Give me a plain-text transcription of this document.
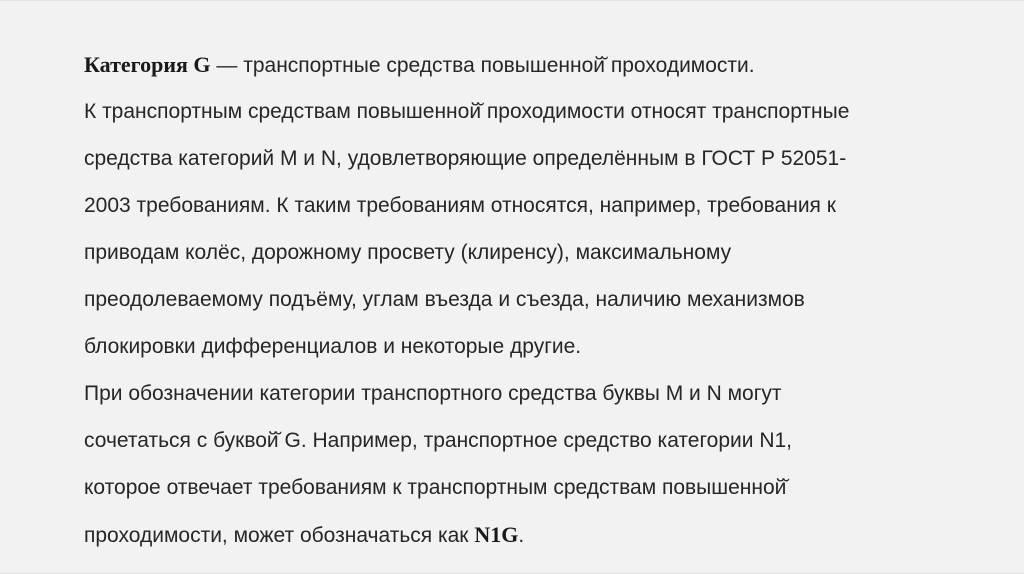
Категория G — транспортные средства повышенной̆ проходимости.
К транспортным средствам повышенной̆ проходимости относят транспортные
средства категорий M и N, удовлетворяющие определённым в ГОСТ Р 52051-
2003 требованиям. К таким требованиям относятся, например, требования к
приводам колёс, дорожному просвету (клиренсу), максимальному
преодолеваемому подъёму, углам въезда и съезда, наличию механизмов
блокировки дифференциалов и некоторые другие.
При обозначении категории транспортного средства буквы M и N могут
сочетаться с буквой̆ G. Например, транспортное средство категории N1,
которое отвечает требованиям к транспортным средствам повышенной̆
проходимости, может обозначаться как N1G.
